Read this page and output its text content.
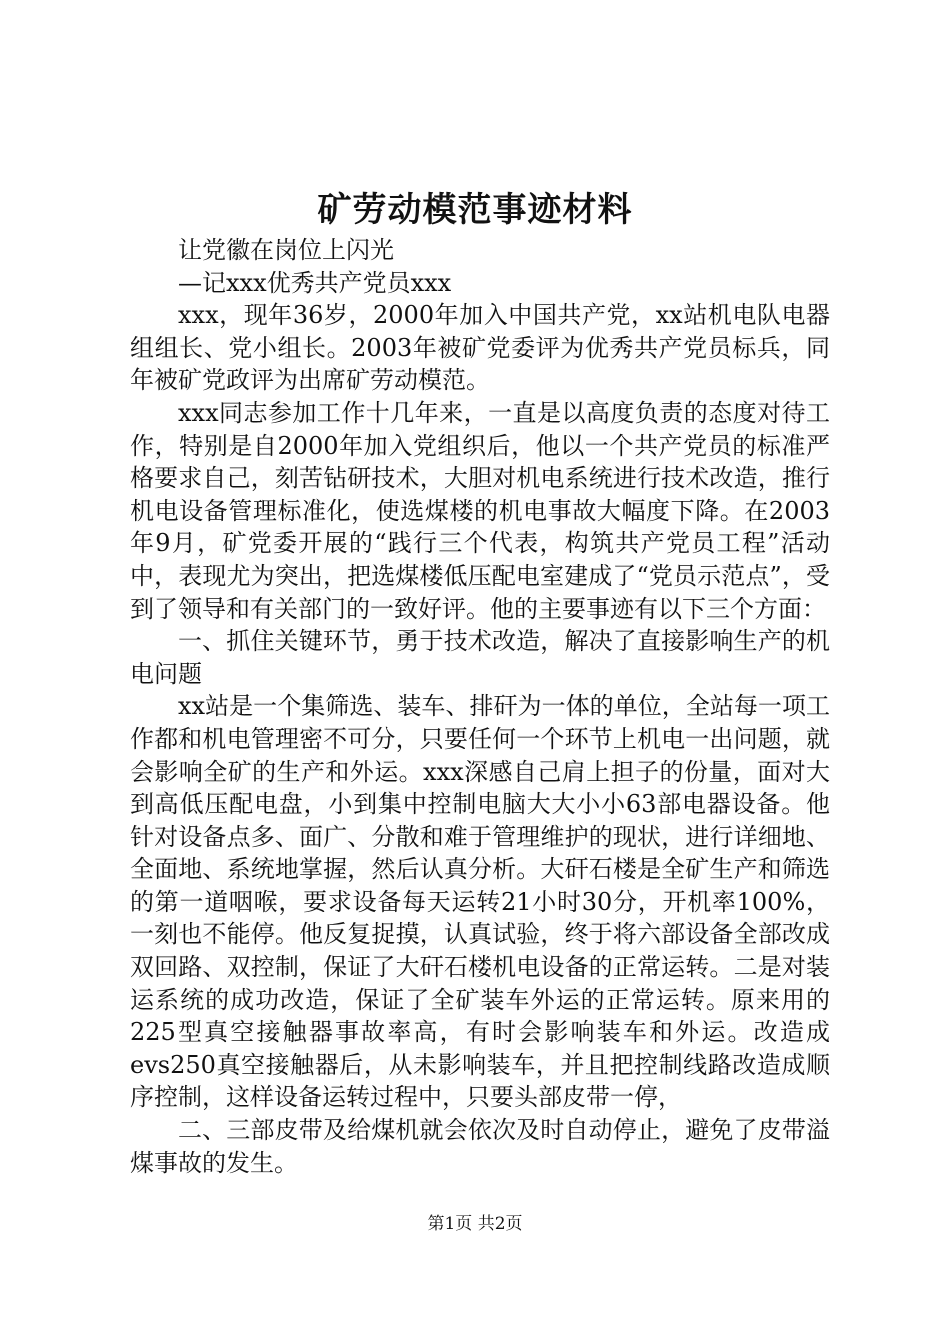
矿劳动模范事迹材料

让党徽在岗位上闪光

—记xxx优秀共产党员xxx

xxx，现年36岁，2000年加入中国共产党，xx站机电队电器组组长、党小组长。2003年被矿党委评为优秀共产党员标兵，同年被矿党政评为出席矿劳动模范。

xxx同志参加工作十几年来，一直是以高度负责的态度对待工作，特别是自2000年加入党组织后，他以一个共产党员的标准严格要求自己，刻苦钻研技术，大胆对机电系统进行技术改造，推行机电设备管理标准化，使选煤楼的机电事故大幅度下降。在2003年9月，矿党委开展的“践行三个代表，构筑共产党员工程”活动中，表现尤为突出，把选煤楼低压配电室建成了“党员示范点”，受到了领导和有关部门的一致好评。他的主要事迹有以下三个方面：

一、抓住关键环节，勇于技术改造，解决了直接影响生产的机电问题

xx站是一个集筛选、装车、排矸为一体的单位，全站每一项工作都和机电管理密不可分，只要任何一个环节上机电一出问题，就会影响全矿的生产和外运。xxx深感自己肩上担子的份量，面对大到高低压配电盘，小到集中控制电脑大大小小63部电器设备。他针对设备点多、面广、分散和难于管理维护的现状，进行详细地、全面地、系统地掌握，然后认真分析。大矸石楼是全矿生产和筛选的第一道咽喉，要求设备每天运转21小时30分，开机率100%，一刻也不能停。他反复捉摸，认真试验，终于将六部设备全部改成双回路、双控制，保证了大矸石楼机电设备的正常运转。二是对装运系统的成功改造，保证了全矿装车外运的正常运转。原来用的225型真空接触器事故率高，有时会影响装车和外运。改造成evs250真空接触器后，从未影响装车，并且把控制线路改造成顺序控制，这样设备运转过程中，只要头部皮带一停，

二、三部皮带及给煤机就会依次及时自动停止，避免了皮带溢煤事故的发生。

第1页 共2页
